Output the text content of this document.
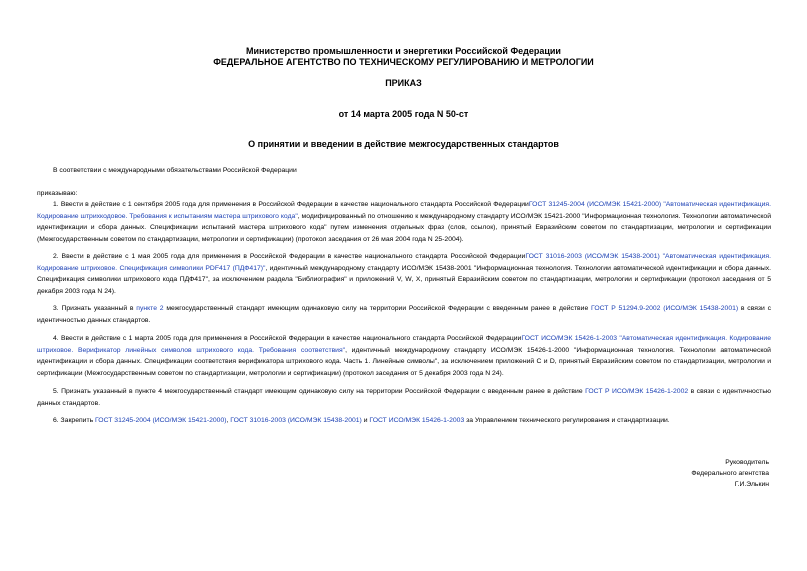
Министерство промышленности и энергетики Российской Федерации
ФЕДЕРАЛЬНОЕ АГЕНТСТВО ПО ТЕХНИЧЕСКОМУ РЕГУЛИРОВАНИЮ И МЕТРОЛОГИИ
ПРИКАЗ
от 14 марта 2005 года N 50-ст
О принятии и введении в действие межгосударственных стандартов
В соответствии с международными обязательствами Российской Федерации
приказываю:
1. Ввести в действие с 1 сентября 2005 года для применения в Российской Федерации в качестве национального стандарта Российской ФедерацииГОСТ 31245-2004 (ИСО/МЭК 15421-2000) "Автоматическая идентификация. Кодирование штрихкодовое. Требования к испытаниям мастера штрихового кода", модифицированный по отношению к международному стандарту ИСО/МЭК 15421-2000 "Информационная технология. Технологии автоматической идентификации и сбора данных. Спецификации испытаний мастера штрихового кода" путем изменения отдельных фраз (слов, ссылок), принятый Евразийским советом по стандартизации, метрологии и сертификации (Межгосударственным советом по стандартизации, метрологии и сертификации) (протокол заседания от 26 мая 2004 года N 25-2004).
2. Ввести в действие с 1 мая 2005 года для применения в Российской Федерации в качестве национального стандарта Российской ФедерацииГОСТ 31016-2003 (ИСО/МЭК 15438-2001) "Автоматическая идентификация. Кодирование штриховое. Спецификация символики PDF417 (ПДФ417)", идентичный международному стандарту ИСО/МЭК 15438-2001 "Информационная технология. Технологии автоматической идентификации и сбора данных. Спецификация символики штрихового кода ПДФ417", за исключением раздела "Библиография" и приложений V, W, X, принятый Евразийским советом по стандартизации, метрологии и сертификации (протокол заседания от 5 декабря 2003 года N 24).
3. Признать указанный в пункте 2 межгосударственный стандарт имеющим одинаковую силу на территории Российской Федерации с введенным ранее в действие ГОСТ Р 51294.9-2002 (ИСО/МЭК 15438-2001) в связи с идентичностью данных стандартов.
4. Ввести в действие с 1 марта 2005 года для применения в Российской Федерации в качестве национального стандарта Российской ФедерацииГОСТ ИСО/МЭК 15426-1-2003 "Автоматическая идентификация. Кодирование штриховое. Верификатор линейных символов штрихового кода. Требования соответствия", идентичный международному стандарту ИСО/МЭК 15426-1-2000 "Информационная технология. Технологии автоматической идентификации и сбора данных. Спецификации соответствия верификатора штрихового кода. Часть 1. Линейные символы", за исключением приложений C и D, принятый Евразийским советом по стандартизации, метрологии и сертификации (Межгосударственным советом по стандартизации, метрологии и сертификации) (протокол заседания от 5 декабря 2003 года N 24).
5. Признать указанный в пункте 4 межгосударственный стандарт имеющим одинаковую силу на территории Российской Федерации с введенным ранее в действие ГОСТ Р ИСО/МЭК 15426-1-2002 в связи с идентичностью данных стандартов.
6. Закрепить ГОСТ 31245-2004 (ИСО/МЭК 15421-2000), ГОСТ 31016-2003 (ИСО/МЭК 15438-2001) и ГОСТ ИСО/МЭК 15426-1-2003 за Управлением технического регулирования и стандартизации.
Руководитель
Федерального агентства
Г.И.Элькин
